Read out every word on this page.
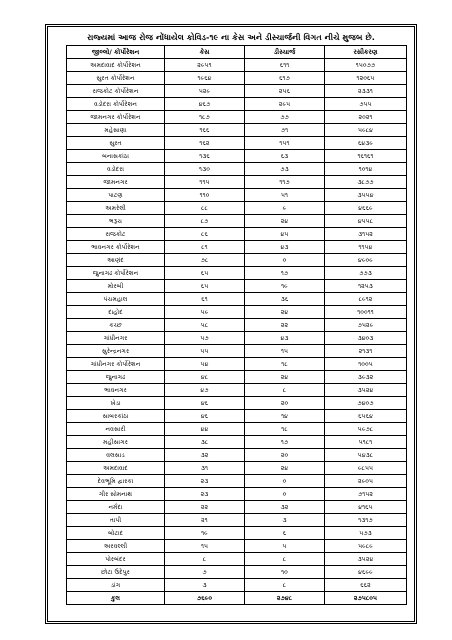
રાજ્યમાં આજ રોજ નોંધાયેલ કોવિડ-૧૯ ના કેસ અને ડીસ્ચાર્જની વિગત નીચે મુજબ છે.
જીલ્લો/ કોર્પોરેશન	કેસ	ડીસ્ચાર્જ	રસીકરણ
અમદાવાદ કોર્પોરેશન	૨૯૫૧	૬૧૧	૧૫૦૭૭
સુરત કોર્પોરેશન	૧૯૬૪	૬૧૭	૧૨૦૬૫
રાજકોટ કોર્પોરેશન	૫૨૯	૨૫૬	૨૩૩૧
વડોદરા કોર્પોરેશન	૪૬૭	૨૯૫	૭૫૫
જામનગર કોર્પોરેશન	૧૮૭	૭૭	૨૦૨૧
મહેસાણા	૧૬૬	૭૧	૫૯૮૪
સુરત	૧૬૨	૧૫૧	૬૪૩૯
બનાસકાંઠા	૧૩૬	૬૩	૧૬૧૬૧
વડોદરા	૧૩૦	૭૩	૧૦૧૪
જામનગર	૧૧૫	૧૧૭	૩૮૭૭
પાટણ	૧૧૦	૫૧	૩૫૫૪
અમરેલી	૮૮	૯	૪૬૬૯
ભરૂચ	૮૭	૨૪	૪૫૫૮
રાજકોટ	૮૬	૪૫	૩૧૫૨
ભાવનગર કોર્પોરેશન	૮૧	૪૩	૧૧૫૪
આણંદ	૭૮	૦	૪૯૦૯
જુનાગઢ કોર્પોરેશન	૬૫	૧૭	૭૭૩
મોરબી	૬૫	૧૯	૧૨૫૩
પંચમહાલ	૬૧	૩૬	૮૯૧૨
દાહોદ	૫૯	૨૪	૧૦૦૧૧
કચ્છ	૫૮	૨૨	૭૫૨૯
ગાંધીનગર	૫૭	૪૩	૩૪૦૩
સુરેન્દ્રનગર	૫૫	૧૫	૨૧૩૧
ગાંધીનગર કોર્પોરેશન	૫૪	૧૮	૧૦૦૫
જુનાગઢ	૪૮	૨૪	૩૯૩૨
ભાવનગર	૪૭	૮	૩૫૨૪
ખેડા	૪૬	૨૦	૭૪૦૭
સાબરકાંઠા	૪૬	૧૪	૬૫૬૪
નવસારી	૪૪	૧૮	૫૯૭૮
મહીસાગર	૩૮	૧૭	૫૧૮૧
વલસાડ	૩૨	૨૦	૫૪૩૮
અમદાવાદ	૩૧	૨૪	૯૮૫૫
દેવભૂમિ દ્વારકા	૨૩	૦	૨૯૦૫
ગીર સોમનાથ	૨૩	૦	૭૧૫૨
નર્મદા	૨૨	૩૨	૪૧૬૫
તાપી	૨૧	૩	૧૩૧૭
બોટાદ	૧૯	૬	૫૭૩
અરવલ્લી	૧૫	૫	૫૯૮૯
પોરબંદર	૮	૮	૩૫૨૪
છોટા ઉદેપુર	૭	૧૦	૪૬૯૯
ડાંગ	૩	૮	૬૬૨
કુલ	૭૬૯૦	૨૭૪૮	૨૭૫૮૦૫
